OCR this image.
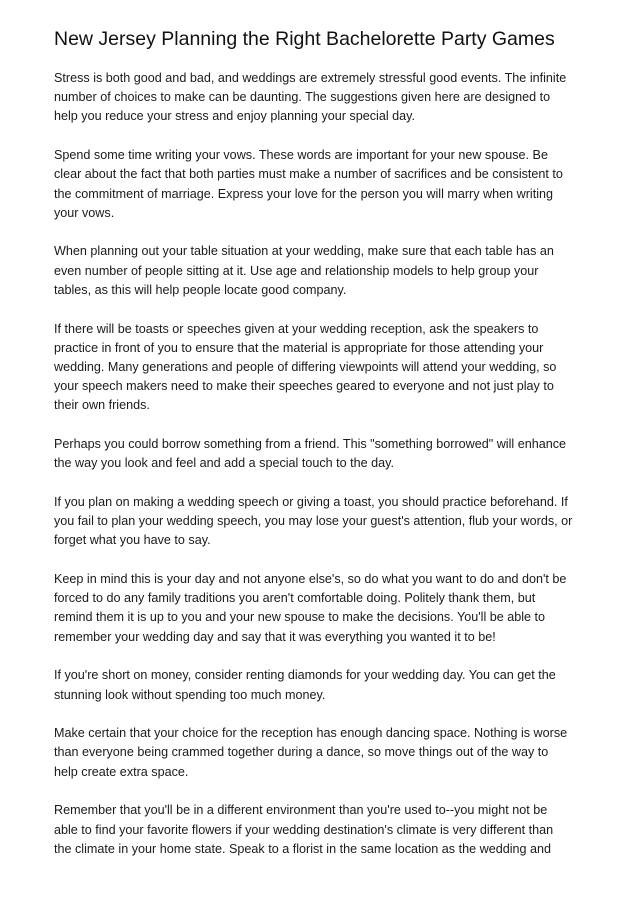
New Jersey Planning the Right Bachelorette Party Games

Stress is both good and bad, and weddings are extremely stressful good events. The infinite
number of choices to make can be daunting. The suggestions given here are designed to
help you reduce your stress and enjoy planning your special day.

Spend some time writing your vows. These words are important for your new spouse. Be
clear about the fact that both parties must make a number of sacrifices and be consistent to
the commitment of marriage. Express your love for the person you will marry when writing
your vows.

When planning out your table situation at your wedding, make sure that each table has an
even number of people sitting at it. Use age and relationship models to help group your
tables, as this will help people locate good company.

If there will be toasts or speeches given at your wedding reception, ask the speakers to
practice in front of you to ensure that the material is appropriate for those attending your
wedding. Many generations and people of differing viewpoints will attend your wedding, so
your speech makers need to make their speeches geared to everyone and not just play to
their own friends.

Perhaps you could borrow something from a friend. This "something borrowed" will enhance
the way you look and feel and add a special touch to the day.

If you plan on making a wedding speech or giving a toast, you should practice beforehand. If
you fail to plan your wedding speech, you may lose your guest's attention, flub your words, or
forget what you have to say.

Keep in mind this is your day and not anyone else's, so do what you want to do and don't be
forced to do any family traditions you aren't comfortable doing. Politely thank them, but
remind them it is up to you and your new spouse to make the decisions. You'll be able to
remember your wedding day and say that it was everything you wanted it to be!

If you're short on money, consider renting diamonds for your wedding day. You can get the
stunning look without spending too much money.

Make certain that your choice for the reception has enough dancing space. Nothing is worse
than everyone being crammed together during a dance, so move things out of the way to
help create extra space.

Remember that you'll be in a different environment than you're used to--you might not be
able to find your favorite flowers if your wedding destination's climate is very different than
the climate in your home state. Speak to a florist in the same location as the wedding and
